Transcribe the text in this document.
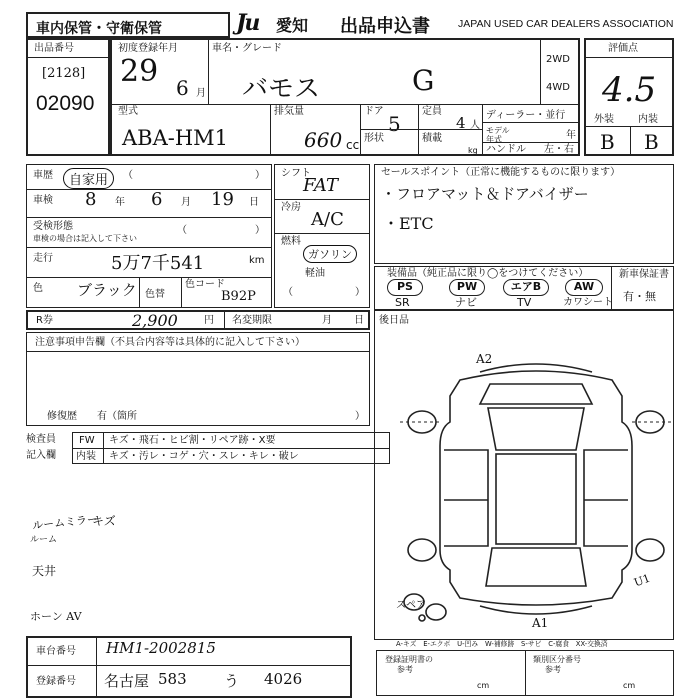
車内保管・守衛保管	Ju 愛知 出品申込書	JAPAN USED CAR DEALERS ASSOCIATION
出品番号
[2128]
02090
初度登録年月	車名・グレード
29 6 月 バモス	G
2WD
4WD
型式
ABA-HM1
排気量
660 cc
ドア
5
定員
4 人
形状	積載
kg
ディーラー・並行
モデル年式	年
ハンドル 左・右
評価点
4.5
外装 内装
B B
車歴	自家用	（	）
車検 8 年 6 月 19 日
受検形態
車検の場合は記入して下さい
（	）
走行	5万7千541	km
色 ブラック 色替
色コード
B92P
シフト
FAT
冷房
A/C
燃料
ガソリン
軽油
（	）
セールスポイント（正常に機能するものに限ります）
・フロアマット＆ドアバイザー
・ETC
装備品（純正品に限り◯をつけてください）	新車保証書
有・無
PS	PW	エアB	AW
SR	ナビ	TV	カワシート
R券	2,900	円 名変期限	月 日 後日品
注意事項申告欄（不具合内容等は具体的に記入して下さい）
修復歴　　有（箇所	）
検査員
記入欄
FW キズ・飛石・ヒビ割・リペア跡・X要
内装 キズ・汚レ・コゲ・穴・スレ・キレ・破レ
ルームミラー
キズ
ルーム
天井
ホーン AV
A2
A1
U1
スペア
A-キズ　E-エクボ　U-凹み　W-補修跡　S-サビ　C-腐食　XX-交換済
車台番号 HM1-2002815
登録番号 名古屋 583 う 4026
登録証明書の
参考
類別区分番号
参考
cm	cm
